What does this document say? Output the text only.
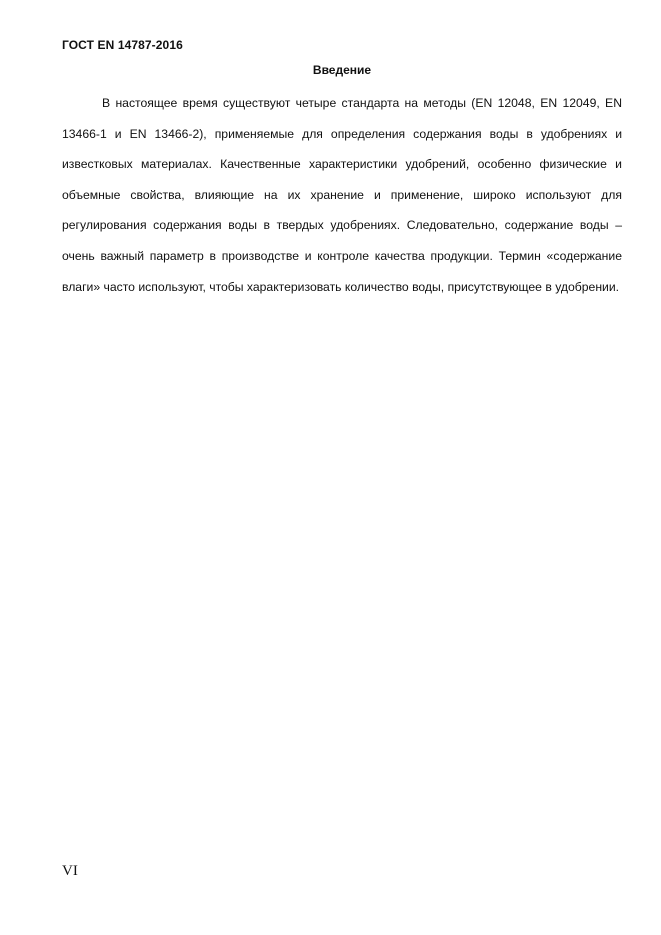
ГОСТ EN 14787-2016
Введение

В настоящее время существуют четыре стандарта на методы (EN 12048, EN 12049, EN 13466-1 и EN 13466-2), применяемые для определения содержания воды в удобрениях и известковых материалах. Качественные характеристики удобрений, особенно физические и объемные свойства, влияющие на их хранение и применение, широко используют для регулирования содержания воды в твердых удобрениях. Следовательно, содержание воды – очень важный параметр в производстве и контроле качества продукции. Термин «содержание влаги» часто используют, чтобы характеризовать количество воды, присутствующее в удобрении.

VI
